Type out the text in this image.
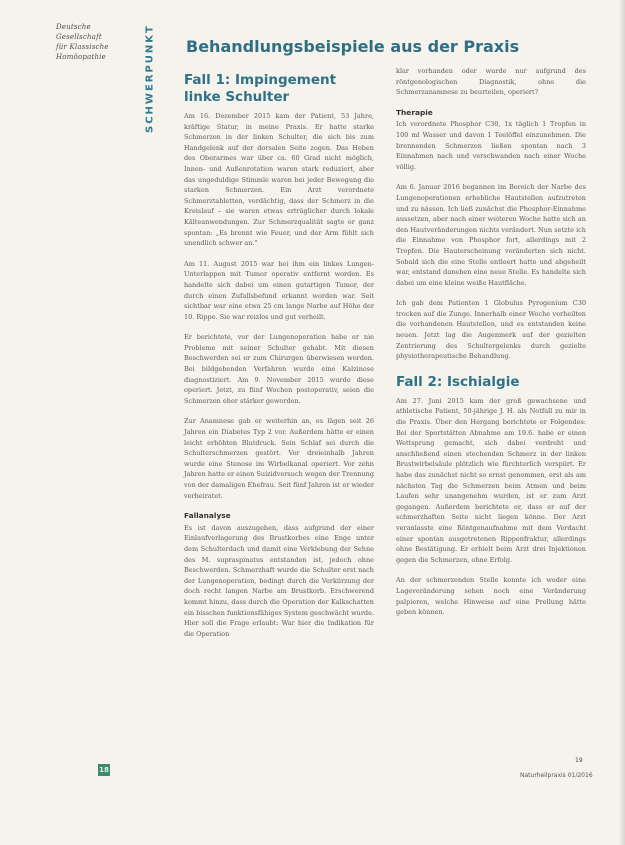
Deutsche
Gesellschaft
für Klassische
Homöopathie	SCHWERPUNKT Behandlungsbeispiele aus der Praxis
Fall 1: Impingement linke Schulter

Am 16. Dezember 2015 kam der Patient, 53 Jahre, kräftige Statur, in meine Praxis. Er hatte starke Schmerzen in der linken Schulter, die sich bis zum Handgelenk auf der dorsalen Seite zogen. Das Heben des Oberarmes war über ca. 60 Grad nicht möglich, Innen- und Außenrotation waren stark reduziert, aber das ungeduldige Stimmle waren bei jeder Bewegung die starken Schmerzen. Ein Arzt verordnete Schmerztabletten, verdächtig, dass der Schmerz in die Kreislauf – sie waren etwas erträglicher durch lokale Kälteanwendungen. Zur Schmerzqualität sagte er ganz spontan: „Es brennt wie Feuer, und der Arm fühlt sich unendlich schwer an."

Am 11. August 2015 war bei ihm ein linkes Lungen-Unterlappen mit Tumor operativ entfernt worden. Es handelte sich dabei um einen gutartigen Tumor, der durch einen Zufallsbefund erkannt worden war. Seit sichtbar war eine etwa 25 cm lange Narbe auf Höhe der 10. Rippe. Sie war reizlos und gut verheilt.

Er berichtete, vor der Lungenoperation habe er nie Probleme mit seiner Schulter gehabt. Mit diesen Beschwerden sei er zum Chirurgen überwiesen worden. Bei bildgebenden Verfahren wurde eine Kalzinose diagnostiziert. Am 9. November 2015 wurde diese operiert. Jetzt, zu fünf Wochen postoperativ, seien die Schmerzen eher stärker geworden.

Zur Anamnese gab er weiterhin an, es lägen seit 26 Jahren ein Diabetes Typ 2 vor. Außerdem hätte er einen leicht erhöhten Blutdruck. Sein Schlaf sei durch die Schulterschmerzen gestört. Vor dreieinhalb Jahren wurde eine Stenose im Wirbelkanal operiert. Vor zehn Jahren hatte er einen Suizidversuch wegen der Trennung von der damaligen Ehefrau. Seit fünf Jahren ist er wieder verheiratet.

Fallanalyse

Es ist davon auszugehen, dass aufgrund der einer Einlaufverlagerung des Brustkorbes eine Enge unter dem Schulterdach und damit eine Verklebung der Sehne des M. supraspinatus entstanden ist, jedoch ohne Beschwerden. Schmerzhaft wurde die Schulter erst nach der Lungenoperation, bedingt durch die Verkürzung der doch recht langen Narbe am Brustkorb. Erschwerend kommt hinzu, dass durch die Operation der Kalkschatten ein bisschen funktionsfähiges System geschwächt wurde. Hier soll die Frage erlaubt: War hier die Indikation für die Operation

klar vorhanden oder wurde nur aufgrund des röntgenologischen Diagnostik, ohne die Schmerzanamnese zu beurteilen, operiert?

Therapie

Ich verordnete Phosphor C30, 1x täglich 1 Tropfen in 100 ml Wasser und davon 1 Teelöffel einzunehmen. Die brennenden Schmerzen ließen spontan nach 3 Einnahmen nach und verschwanden nach einer Woche völlig.

Am 6. Januar 2016 begannen im Bereich der Narbe des Lungenoperationen erhebliche Hautstellen aufzutreten und zu nässen. Ich ließ zunächst die Phosphor-Einnahme aussetzen, aber nach einer weiteren Woche hatte sich an den Hautveränderungen nichts verändert. Nun setzte ich die Einnahme von Phosphor fort, allerdings mit 2 Tropfen. Die Hauterscheinung veränderten sich nicht. Sobald sich die eine Stelle entleert hatte und abgeheilt war, entstand daneben eine neue Stelle. Es handelte sich dabei um eine kleine weiße Hautfläche.

Ich gab dem Patienten 1 Globulus Pyrogenium C30 trocken auf die Zunge. Innerhalb einer Woche verheilten die vorhandenen Hautstellen, und es entstanden keine neuen. Jetzt lag die Augenmerk auf der gezielten Zentrierung des Schultergelenks durch gezielte physiotherapeutische Behandlung.

Fall 2: Ischialgie

Am 27. Juni 2015 kam der groß gewachsene und athletische Patient, 50-jährige J. H. als Notfall zu mir in die Praxis. Über den Hergang berichtete er Folgendes: Bei der Sportstätten Abnahme am 19.6. habe er einen Wettsprung gemacht, sich dabei verdreht und anschließend einen stechenden Schmerz in der linken Brustwirbelsäule plötzlich wie fürchterlich verspürt. Er habe das zunächst nicht so ernst genommen, erst als am nächsten Tag die Schmerzen beim Atmen und beim Laufen sehr unangenehm wurden, ist er zum Arzt gegangen. Außerdem berichtete er, dass er auf der schmerzhaften Seite nicht liegen könne. Der Arzt veranlasste eine Röntgenaufnahme mit dem Verdacht einer spontan ausgetretenen Rippenfraktur, allerdings ohne Bestätigung. Er erhielt beim Arzt drei Injektionen gegen die Schmerzen, ohne Erfolg.

An der schmerzenden Stelle konnte ich weder eine Lageveränderung sehen noch eine Veränderung palpieren, welche Hinweise auf eine Prellung hätte geben können.

18
19
Naturheilpraxis 01/2016
